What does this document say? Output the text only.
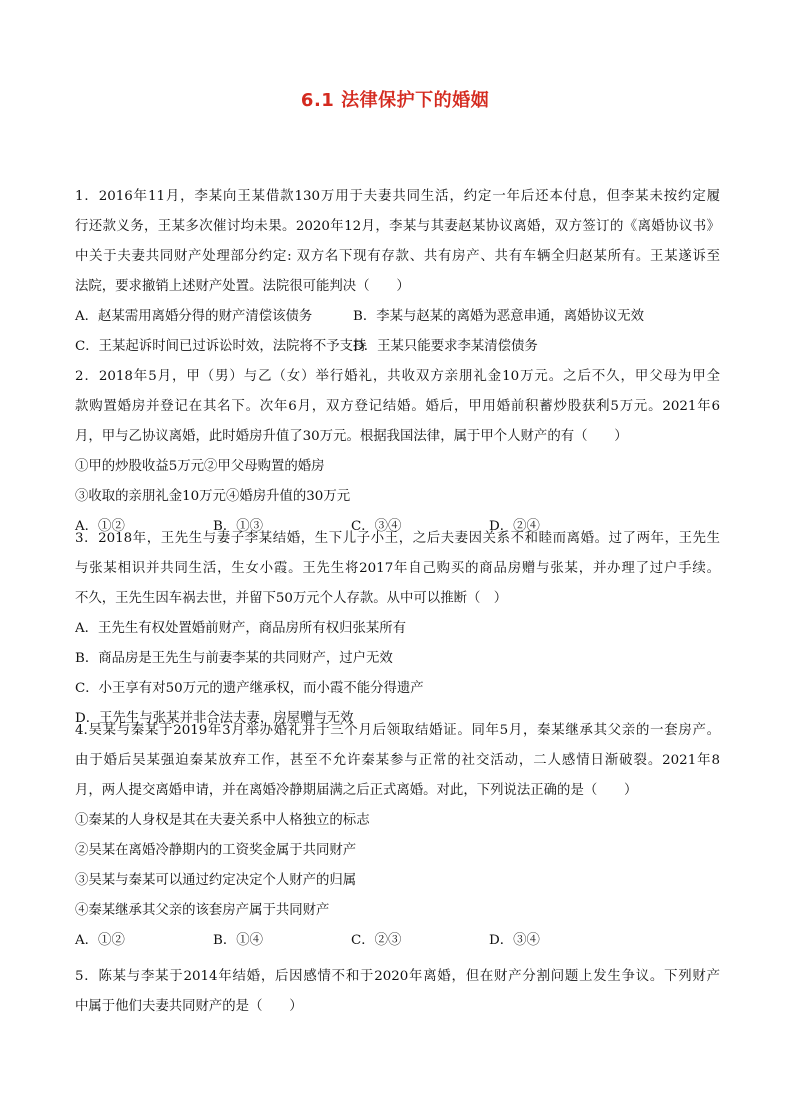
6.1 法律保护下的婚姻
1．2016年11月，李某向王某借款130万用于夫妻共同生活，约定一年后还本付息，但李某未按约定履
行还款义务，王某多次催讨均未果。2020年12月，李某与其妻赵某协议离婚，双方签订的《离婚协议书》
中关于夫妻共同财产处理部分约定: 双方名下现有存款、共有房产、共有车辆全归赵某所有。王某遂诉至
法院，要求撤销上述财产处置。法院很可能判决（　　）
A．赵某需用离婚分得的财产清偿该债务	B．李某与赵某的离婚为恶意串通，离婚协议无效
C．王某起诉时间已过诉讼时效，法院将不予支持
D．王某只能要求李某清偿债务
2．2018年5月，甲（男）与乙（女）举行婚礼，共收双方亲朋礼金10万元。之后不久，甲父母为甲全
款购置婚房并登记在其名下。次年6月，双方登记结婚。婚后，甲用婚前积蓄炒股获利5万元。2021年6
月，甲与乙协议离婚，此时婚房升值了30万元。根据我国法律，属于甲个人财产的有（　　）
①甲的炒股收益5万元②甲父母购置的婚房
③收取的亲朋礼金10万元④婚房升值的30万元
A．①②	B．①③	C．③④	D．②④
3．2018年，王先生与妻子李某结婚，生下儿子小王，之后夫妻因关系不和睦而离婚。过了两年，王先生
与张某相识并共同生活，生女小霞。王先生将2017年自己购买的商品房赠与张某，并办理了过户手续。
不久，王先生因车祸去世，并留下50万元个人存款。从中可以推断（　）
A．王先生有权处置婚前财产，商品房所有权归张某所有
B．商品房是王先生与前妻李某的共同财产，过户无效
C．小王享有对50万元的遗产继承权，而小霞不能分得遗产
D．王先生与张某并非合法夫妻，房屋赠与无效
4.吴某与秦某于2019年3月举办婚礼并于三个月后领取结婚证。同年5月，秦某继承其父亲的一套房产。
由于婚后吴某强迫秦某放弃工作，甚至不允许秦某参与正常的社交活动，二人感情日渐破裂。2021年8
月，两人提交离婚申请，并在离婚冷静期届满之后正式离婚。对此，下列说法正确的是（　　）
①秦某的人身权是其在夫妻关系中人格独立的标志
②吴某在离婚冷静期内的工资奖金属于共同财产
③吴某与秦某可以通过约定决定个人财产的归属
④秦某继承其父亲的该套房产属于共同财产
A．①②	B．①④	C．②③	D．③④
5．陈某与李某于2014年结婚，后因感情不和于2020年离婚，但在财产分割问题上发生争议。下列财产
中属于他们夫妻共同财产的是（　　）
